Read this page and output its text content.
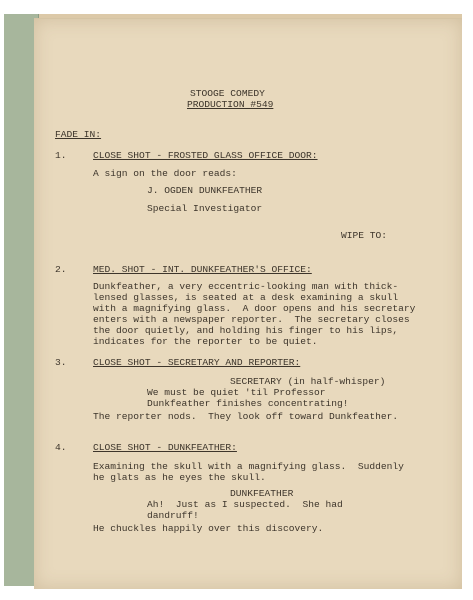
STOOGE COMEDY

PRODUCTION #549

FADE IN:

1.	CLOSE SHOT - FROSTED GLASS OFFICE DOOR:

A sign on the door reads:

J. OGDEN DUNKFEATHER

Special Investigator

WIPE TO:

2.	MED. SHOT - INT. DUNKFEATHER'S OFFICE:

Dunkfeather, a very eccentric-looking man with thick-

lensed glasses, is seated at a desk examining a skull

with a magnifying glass.  A door opens and his secretary

enters with a newspaper reporter.  The secretary closes

the door quietly, and holding his finger to his lips,

indicates for the reporter to be quiet.

3.	CLOSE SHOT - SECRETARY AND REPORTER:

SECRETARY (in half-whisper)

We must be quiet 'til Professor

Dunkfeather finishes concentrating!

The reporter nods.  They look off toward Dunkfeather.

4.	CLOSE SHOT - DUNKFEATHER:

Examining the skull with a magnifying glass.  Suddenly

he glats as he eyes the skull.

DUNKFEATHER

Ah!  Just as I suspected.  She had

dandruff!

He chuckles happily over this discovery.
